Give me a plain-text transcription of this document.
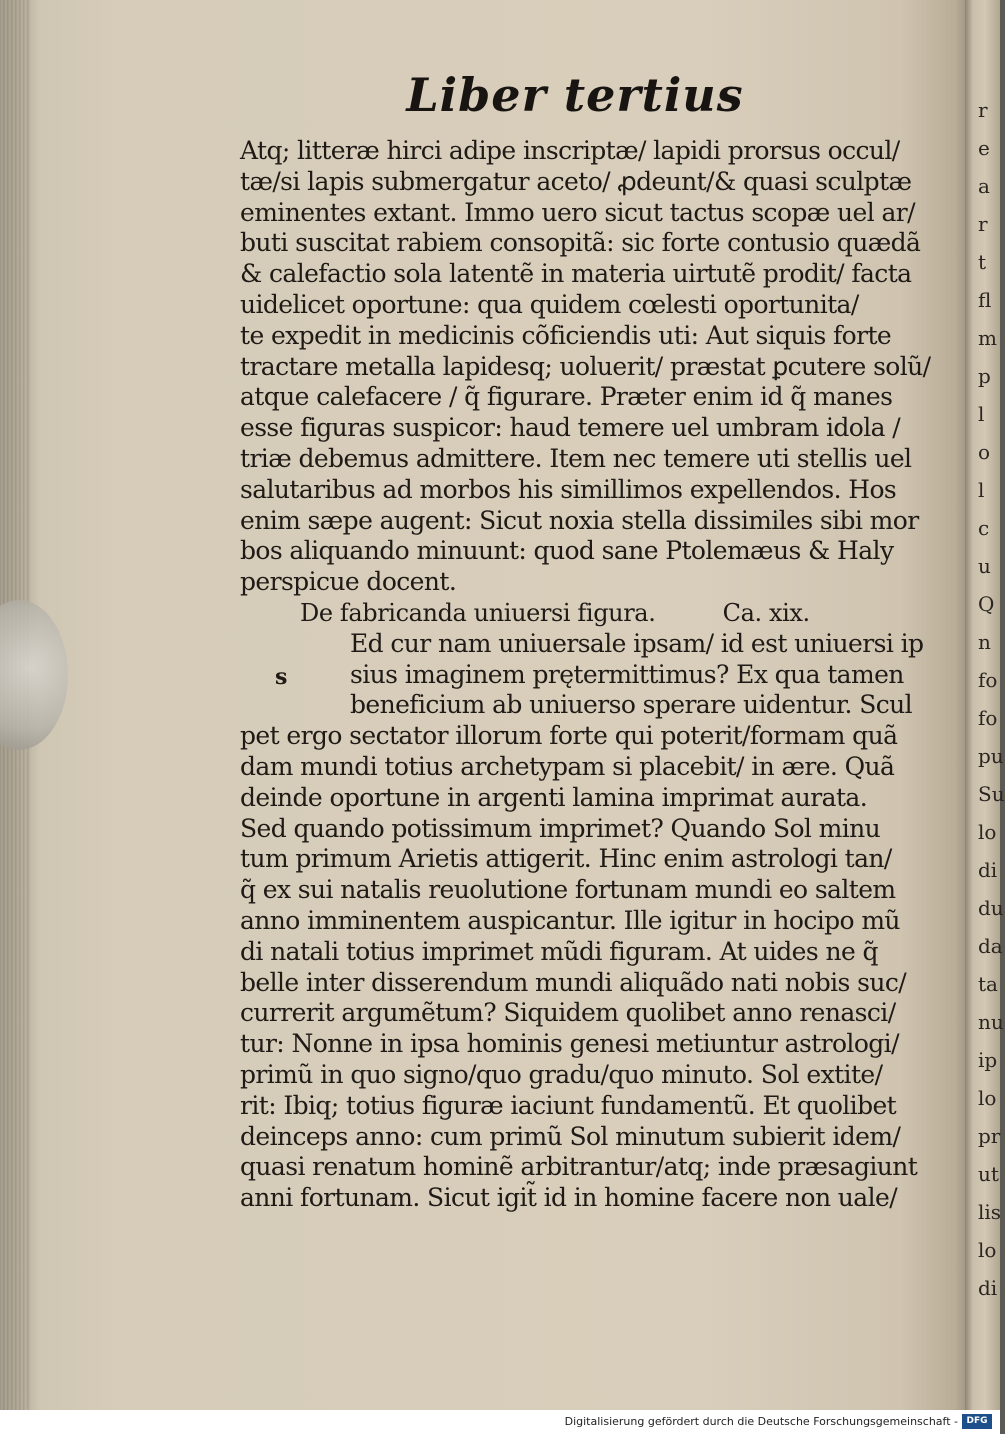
r
e
a
r
t
fl
m
p
l
o
l
c
u
Q
n
fo
fo
pu
Su
lo
di
du
da
ta
nu
ip
lo
pr
ut
lis
lo
di
Liber tertius
Atq; litteræ hirci adipe inscriptæ/ lapidi prorsus occul/
tæ/si lapis submergatur aceto/ ꝓdeunt/& quasi sculptæ
eminentes extant. Immo uero sicut tactus scopæ uel ar/
buti suscitat rabiem consopitã: sic forte contusio quædã
& calefactio sola latentẽ in materia uirtutẽ prodit/ facta
uidelicet oportune: qua quidem cœlesti oportunita/
te expedit in medicinis cõficiendis uti: Aut siquis forte
tractare metalla lapidesq; uoluerit/ præstat ꝑcutere solũ/
atque calefacere / q̃ figurare. Præter enim id q̃ manes
esse figuras suspicor: haud temere uel umbram idola /
triæ debemus admittere. Item nec temere uti stellis uel
salutaribus ad morbos his simillimos expellendos. Hos
enim sæpe augent: Sicut noxia stella dissimiles sibi mor
bos aliquando minuunt: quod sane Ptolemæus & Haly
perspicue docent.
De fabricanda uniuersi figura.	Ca. xix.
Ed cur nam uniuersale ipsam/ id est uniuersi ip
sius imaginem prętermittimus? Ex qua tamen
beneficium ab uniuerso sperare uidentur. Scul
pet ergo sectator illorum forte qui poterit/formam quã
dam mundi totius archetypam si placebit/ in ære. Quã
deinde oportune in argenti lamina imprimat aurata.
Sed quando potissimum imprimet? Quando Sol minu
tum primum Arietis attigerit. Hinc enim astrologi tan/
q̃ ex sui natalis reuolutione fortunam mundi eo saltem
anno imminentem auspicantur. Ille igitur in hocipo mũ
di natali totius imprimet mũdi figuram. At uides ne q̃
belle inter disserendum mundi aliquãdo nati nobis suc/
currerit argumẽtum? Siquidem quolibet anno renasci/
tur: Nonne in ipsa hominis genesi metiuntur astrologi/
primũ in quo signo/quo gradu/quo minuto. Sol extite/
rit: Ibiq; totius figuræ iaciunt fundamentũ. Et quolibet
deinceps anno: cum primũ Sol minutum subierit idem/
quasi renatum hominẽ arbitrantur/atq; inde præsagiunt
anni fortunam. Sicut igit̃ id in homine facere non uale/
s
Digitalisierung gefördert durch die Deutsche Forschungsgemeinschaft - DFG
